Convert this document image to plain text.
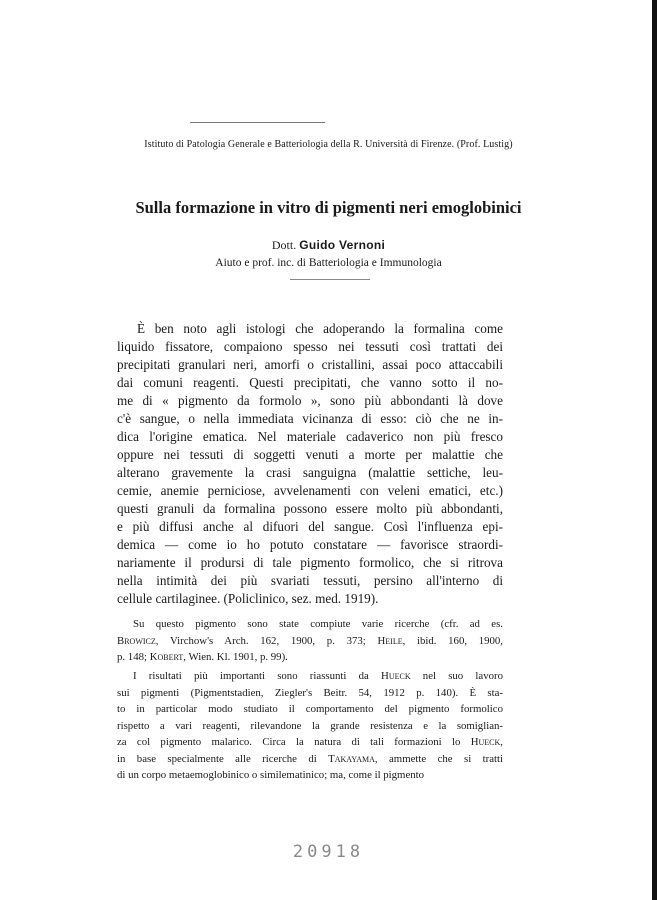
Istituto di Patologia Generale e Batteriologia della R. Università di Firenze. (Prof. Lustig)
Sulla formazione in vitro di pigmenti neri emoglobinici
Dott. Guido Vernoni
Aiuto e prof. inc. di Batteriologia e Immunologia
È ben noto agli istologi che adoperando la formalina come
liquido fissatore, compaiono spesso nei tessuti così trattati dei
precipitati granulari neri, amorfi o cristallini, assai poco attaccabili
dai comuni reagenti. Questi precipitati, che vanno sotto il no-
me di « pigmento da formolo », sono più abbondanti là dove
c'è sangue, o nella immediata vicinanza di esso: ciò che ne in-
dica l'origine ematica. Nel materiale cadaverico non più fresco
oppure nei tessuti di soggetti venuti a morte per malattie che
alterano gravemente la crasi sanguigna (malattie settiche, leu-
cemie, anemie perniciose, avvelenamenti con veleni ematici, etc.)
questi granuli da formalina possono essere molto più abbondanti,
e più diffusi anche al difuori del sangue. Così l'influenza epi-
demica — come io ho potuto constatare — favorisce straordi-
nariamente il prodursi di tale pigmento formolico, che si ritrova
nella intimità dei più svariati tessuti, persino all'interno di
cellule cartilaginee. (Policlinico, sez. med. 1919).
Su questo pigmento sono state compiute varie ricerche (cfr. ad es.
Browicz, Virchow's Arch. 162, 1900, p. 373; Heile, ibid. 160, 1900,
p. 148; Kobert, Wien. Kl. 1901, p. 99).
I risultati più importanti sono riassunti da Hueck nel suo lavoro
sui pigmenti (Pigmentstadien, Ziegler's Beitr. 54, 1912 p. 140). È sta-
to in particolar modo studiato il comportamento del pigmento formolico
rispetto a vari reagenti, rilevandone la grande resistenza e la somiglian-
za col pigmento malarico. Circa la natura di tali formazioni lo Hueck,
in base specialmente alle ricerche di Takayama, ammette che si tratti
di un corpo metaemoglobinico o similematinico; ma, come il pigmento
20918
